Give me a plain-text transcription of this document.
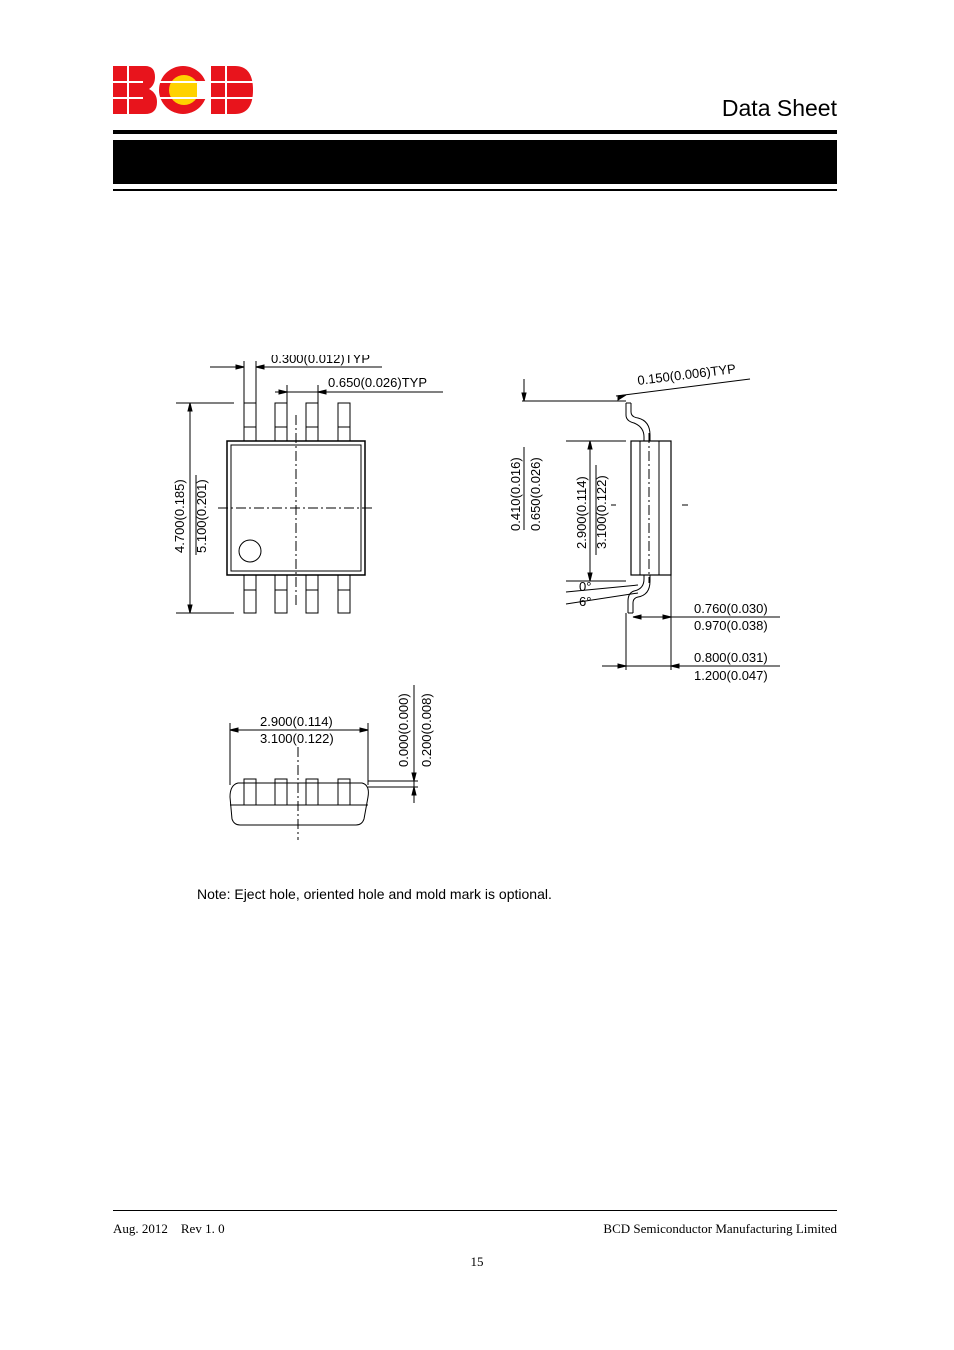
Data Sheet
0.300(0.012)TYP
0.650(0.026)TYP
4.700(0.185) 5.100(0.201)
0.150(0.006)TYP
0.410(0.016) 0.650(0.026) 2.900(0.114) 3.100(0.122)
0°
6°	0.760(0.030)
0.970(0.038)
0.800(0.031)
1.200(0.047)
2.900(0.114)
3.100(0.122)	0.000(0.000) 0.200(0.008)
Note: Eject hole, oriented hole and mold mark is optional.
Aug. 2012    Rev 1. 0	BCD Semiconductor Manufacturing Limited
15
